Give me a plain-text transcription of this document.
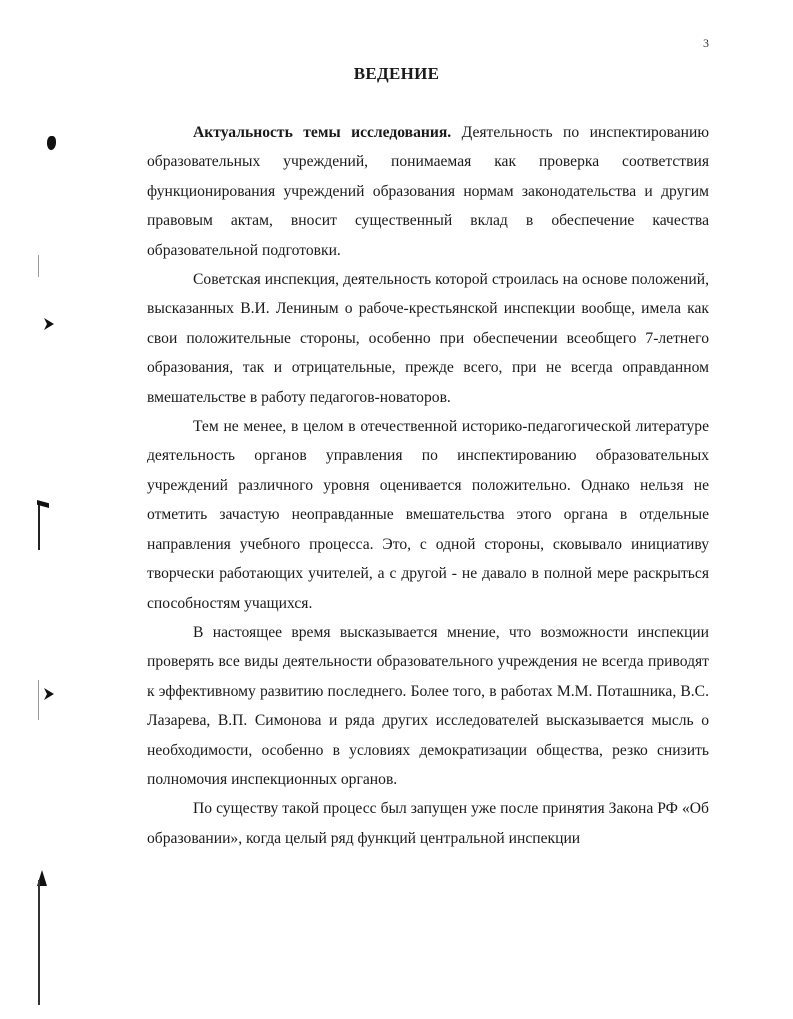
3
ВЕДЕНИЕ

Актуальность темы исследования. Деятельность по инспектированию образовательных учреждений, понимаемая как проверка соответствия функционирования учреждений образования нормам законодательства и другим правовым актам, вносит существенный вклад в обеспечение качества образовательной подготовки.

Советская инспекция, деятельность которой строилась на основе положений, высказанных В.И. Лениным о рабоче-крестьянской инспекции вообще, имела как свои положительные стороны, особенно при обеспечении всеобщего 7-летнего образования, так и отрицательные, прежде всего, при не всегда оправданном вмешательстве в работу педагогов-новаторов.

Тем не менее, в целом в отечественной историко-педагогической литературе деятельность органов управления по инспектированию образовательных учреждений различного уровня оценивается положительно. Однако нельзя не отметить зачастую неоправданные вмешательства этого органа в отдельные направления учебного процесса. Это, с одной стороны, сковывало инициативу творчески работающих учителей, а с другой - не давало в полной мере раскрыться способностям учащихся.

В настоящее время высказывается мнение, что возможности инспекции проверять все виды деятельности образовательного учреждения не всегда приводят к эффективному развитию последнего. Более того, в работах М.М. Поташника, В.С. Лазарева, В.П. Симонова и ряда других исследователей высказывается мысль о необходимости, особенно в условиях демократизации общества, резко снизить полномочия инспекционных органов.

По существу такой процесс был запущен уже после принятия Закона РФ «Об образовании», когда целый ряд функций центральной инспекции
